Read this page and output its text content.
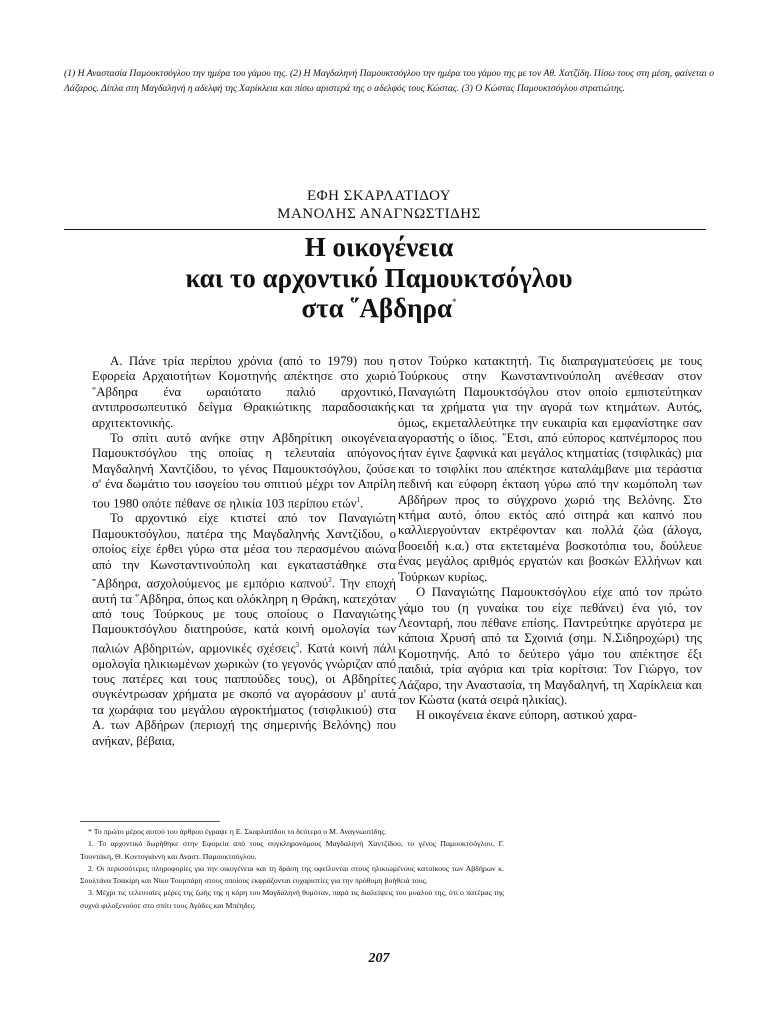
(1) Η Αναστασία Παμουκτσόγλου την ημέρα του γάμου της. (2) Η Μαγδαληνή Παμουκτσόγλου την ημέρα του γάμου της με τον Αθ. Χατζίδη. Πίσω τους στη μέση, φαίνεται ο Λάζαρος. Δίπλα στη Μαγδαληνή η αδελφή της Χαρίκλεια και πίσω αριστερά της ο αδελφός τους Κώστας. (3) Ο Κώστας Παμουκτσόγλου στρατιώτης.
ΕΦΗ ΣΚΑΡΛΑΤΙΔΟΥ
ΜΑΝΟΛΗΣ ΑΝΑΓΝΩΣΤΙΔΗΣ
Η οικογένεια
και το αρχοντικό Παμουκτσόγλου
στα ῞Αβδηρα*

Α. Πάνε τρία περίπου χρόνια (από το 1979) που η Εφορεία Αρχαιοτήτων Κομοτηνής απέκτησε στο χωριό ῞Αβδηρα ένα ωραιότατο παλιό αρχοντικό, αντιπροσωπευτικό δείγμα Θρακιώτικης παραδοσιακής αρχιτεκτονικής.

Το σπίτι αυτό ανήκε στην Αβδηρίτικη οικογένεια Παμουκτσόγλου της οποίας η τελευταία απόγονος Μαγδαληνή Χαντζίδου, το γένος Παμουκτσόγλου, ζούσε σ' ένα δωμάτιο του ισογείου του σπιτιού μέχρι τον Απρίλη του 1980 οπότε πέθανε σε ηλικία 103 περίπου ετών$^1$.

Το αρχοντικό είχε κτιστεί από τον Παναγιώτη Παμουκτσόγλου, πατέρα της Μαγδαληνής Χαντζίδου, ο οποίος είχε έρθει γύρω στα μέσα του περασμένου αιώνα από την Κωνσταντινούπολη και εγκαταστάθηκε στα ῞Αβδηρα, ασχολούμενος με εμπόριο καπνού$^2$. Την εποχή αυτή τα ῞Αβδηρα, όπως και ολόκληρη η Θράκη, κατεχόταν από τους Τούρκους με τους οποίους ο Παναγιώτης Παμουκτσόγλου διατηρούσε, κατά κοινή ομολογία των παλιών Αβδηριτών, αρμονικές σχέσεις$^3$. Κατά κοινή πάλι ομολογία ηλικιωμένων χωρικών (το γεγονός γνώριζαν από τους πατέρες και τους παππούδες τους), οι Αβδηρίτες συγκέντρωσαν χρήματα με σκοπό να αγοράσουν μ' αυτά τα χωράφια του μεγάλου αγροκτήματος (τσιφλικιού) στα Α. των Αβδήρων (περιοχή της σημερινής Βελόνης) που ανήκαν, βέβαια,

στον Τούρκο κατακτητή. Τις διαπραγματεύσεις με τους Τούρκους στην Κωνσταντινούπολη ανέθεσαν στον Παναγιώτη Παμουκτσόγλου στον οποίο εμπιστεύτηκαν και τα χρήματα για την αγορά των κτημάτων. Αυτός, όμως, εκμεταλλεύτηκε την ευκαιρία και εμφανίστηκε σαν αγοραστής ο ίδιος. ῎Ετσι, από εύπορος καπνέμπορος που ήταν έγινε ξαφνικά και μεγάλος κτηματίας (τσιφλικάς) μια και το τσιφλίκι που απέκτησε καταλάμβανε μια τεράστια πεδινή και εύφορη έκταση γύρω από την κωμόπολη των Αβδήρων προς το σύγχρονο χωριό της Βελόνης. Στο κτήμα αυτό, όπου εκτός από σιτηρά και καπνό που καλλιεργούνταν εκτρέφονταν και πολλά ζώα (άλογα, βοοειδή κ.α.) στα εκτεταμένα βοσκοτόπια του, δούλευε ένας μεγάλος αριθμός εργατών και βοσκών Ελλήνων και Τούρκων κυρίως.

Ο Παναγιώτης Παμουκτσόγλου είχε από τον πρώτο γάμο του (η γυναίκα του είχε πεθάνει) ένα γιό, τον Λεονταρή, που πέθανε επίσης. Παντρεύτηκε αργότερα με κάποια Χρυσή από τα Σχοινιά (σημ. Ν.Σιδηροχώρι) της Κομοτηνής. Από το δεύτερο γάμο του απέκτησε έξι παιδιά, τρία αγόρια και τρία κορίτσια: Τον Γιώργο, τον Λάζαρο, την Αναστασία, τη Μαγδαληνή, τη Χαρίκλεια και τον Κώστα (κατά σειρά ηλικίας).

Η οικογένεια έκανε εύπορη, αστικού χαρα-

* Το πρώτο μέρος αυτού του άρθρου έγραψε η Ε. Σκαρλατίδου το δεύτερο ο Μ. Αναγνωστίδης.

1. Το αρχοντικό δωρήθηκε στην Εφορεία από τους συγκληρονόμους Μαγδαληνή Χαντζίδου, το γένος Παμουκτσόγλου, Γ. Τσοντάκη, Θ. Κοντογιάννη και Αναστ. Παμουκτσόγλου.

2. Οι περισσότερες πληροφορίες για την οικογένεια και τη δράση της οφείλονται στους ηλικιωμένους κατοίκους των Αβδήρων κ. Σουλτάνα Τσακίρη και Νίκο Τουμπάρη στους οποίους εκφράζονται ευχαριστίες για την πρόθυμη βοήθειά τους.

3. Μέχρι τις τελευταίες μέρες της ζωής της η κόρη του Μαγδαληνή θυμόταν, παρά τις διαλείψεις του μυαλού της, ότι ο πατέρας της συχνά φιλοξενούσε στο σπίτι τους Αγάδες και Μπέηδες.

207
